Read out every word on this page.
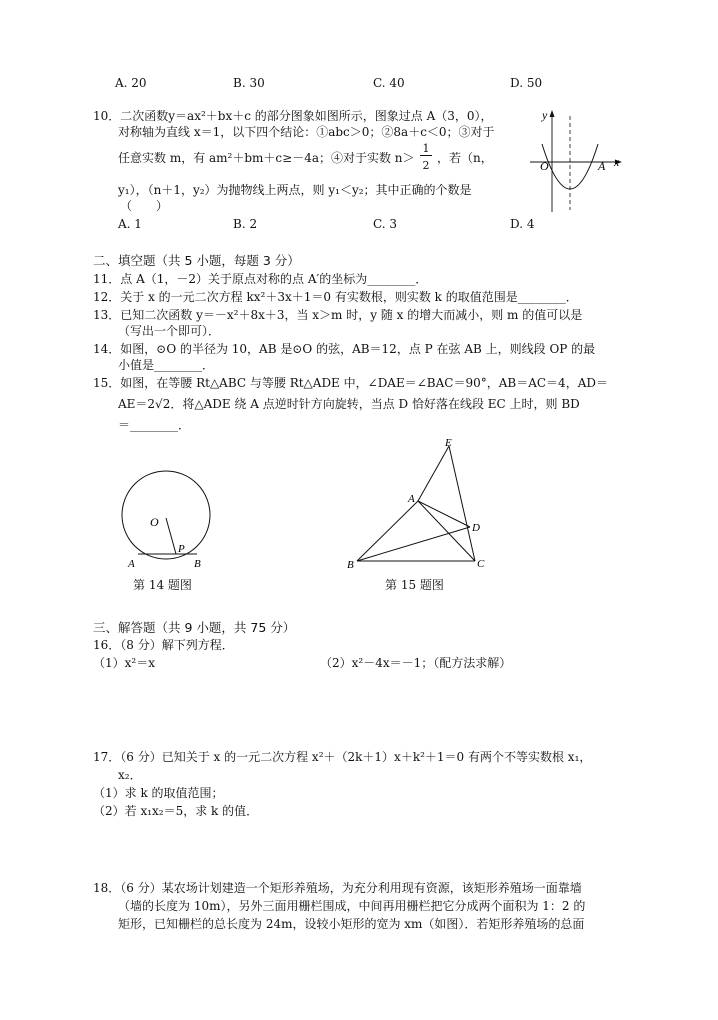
A. 20	B. 30	C. 40	D. 50
10．二次函数y＝ax²＋bx＋c 的部分图象如图所示，图象过点 A（3，0），
对称轴为直线 x＝1，以下四个结论：①abc＞0；②8a＋c＜0；③对于
任意实数 m，有 am²＋bm＋c≥－4a；④对于实数 n＞
1
2
，若（n，
y₁），（n＋1，y₂）为抛物线上两点，则 y₁＜y₂；其中正确的个数是
（　　）
A. 1	B. 2	C. 3	D. 4
y
O	A x
二、填空题（共 5 小题，每题 3 分）
11．点 A（1，－2）关于原点对称的点 A′的坐标为________．
12．关于 x 的一元二次方程 kx²＋3x＋1＝0 有实数根，则实数 k 的取值范围是________．
13．已知二次函数 y＝－x²＋8x＋3，当 x＞m 时，y 随 x 的增大而减小，则 m 的值可以是
（写出一个即可）．
14．如图，⊙O 的半径为 10，AB 是⊙O 的弦，AB＝12，点 P 在弦 AB 上，则线段 OP 的最
小值是________．
15．如图，在等腰 Rt△ABC 与等腰 Rt△ADE 中，∠DAE＝∠BAC＝90°，AB＝AC＝4，AD＝
AE＝2√2．将△ADE 绕 A 点逆时针方向旋转，当点 D 恰好落在线段 EC 上时，则 BD
＝________．
O
P
A	B
第 14 题图
E
A
D
B	C
第 15 题图
三、解答题（共 9 小题，共 75 分）
16．（8 分）解下列方程．
（1）x²＝x	（2）x²－4x＝－1；（配方法求解）
17．（6 分）已知关于 x 的一元二次方程 x²＋（2k＋1）x＋k²＋1＝0 有两个不等实数根 x₁，
x₂．
（1）求 k 的取值范围；
（2）若 x₁x₂＝5，求 k 的值．
18．（6 分）某农场计划建造一个矩形养殖场，为充分利用现有资源，该矩形养殖场一面靠墙
（墙的长度为 10m），另外三面用栅栏围成，中间再用栅栏把它分成两个面积为 1：2 的
矩形，已知栅栏的总长度为 24m，设较小矩形的宽为 xm（如图）．若矩形养殖场的总面
